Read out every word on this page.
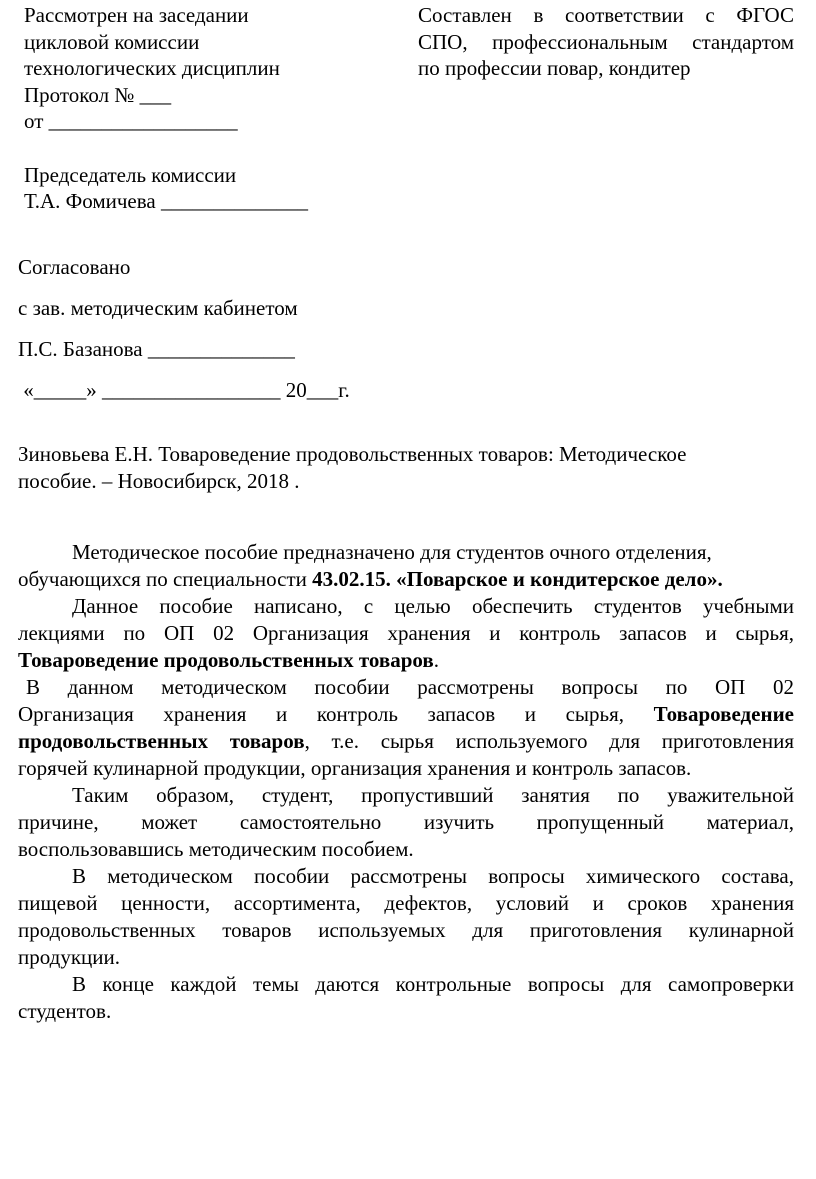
Рассмотрен на заседании
цикловой комиссии
технологических дисциплин
Протокол № ___
от __________________
Председатель комиссии
Т.А. Фомичева ______________
Составлен в соответствии с ФГОС
СПО, профессиональным стандартом
по профессии повар, кондитер
Согласовано
с зав. методическим кабинетом
П.С. Базанова ______________
«_____» _________________ 20___г.
Зиновьева Е.Н. Товароведение продовольственных товаров: Методическое
пособие. – Новосибирск, 2018 .
Методическое пособие предназначено для студентов очного отделения,
обучающихся по специальности 43.02.15. «Поварское и кондитерское дело».
Данное пособие написано, с целью обеспечить студентов учебными
лекциями по ОП 02 Организация хранения и контроль запасов и сырья,
Товароведение продовольственных товаров.
В данном методическом пособии рассмотрены вопросы по ОП 02
Организация хранения и контроль запасов и сырья, Товароведение
продовольственных товаров, т.е. сырья используемого для приготовления
горячей кулинарной продукции, организация хранения и контроль запасов.
Таким образом, студент, пропустивший занятия по уважительной
причине, может самостоятельно изучить пропущенный материал,
воспользовавшись методическим пособием.
В методическом пособии рассмотрены вопросы химического состава,
пищевой ценности, ассортимента, дефектов, условий и сроков хранения
продовольственных товаров используемых для приготовления кулинарной
продукции.
В конце каждой темы даются контрольные вопросы для самопроверки
студентов.
